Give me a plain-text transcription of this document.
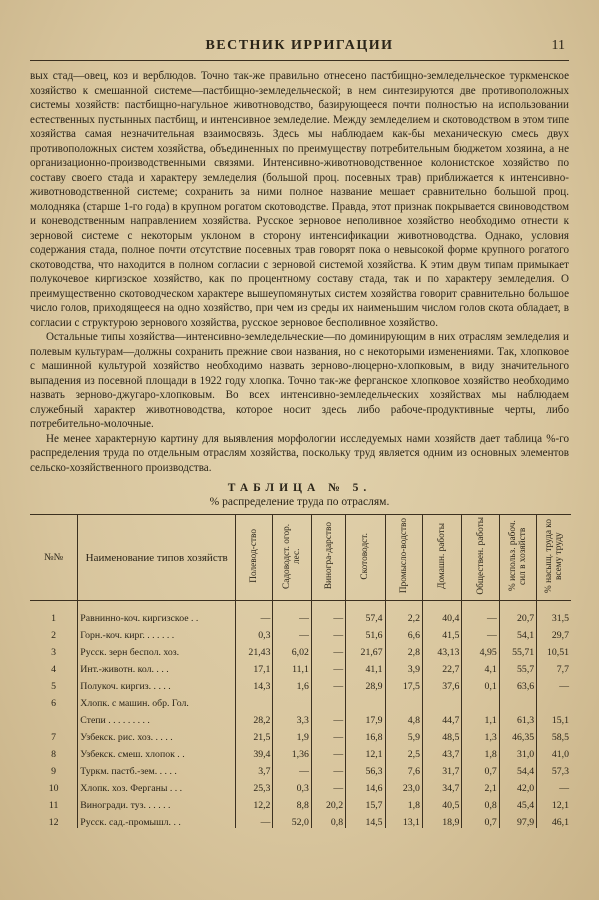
ВЕСТНИК ИРРИГАЦИИ	11

вых стад—овец, коз и верблюдов. Точно так-же правильно отнесено пастбищно-земледельческое туркменское хозяйство к смешанной системе—пастбищно-земледельческой; в нем синтезируются две противоположных системы хозяйств: пастбищно-нагульное животноводство, базирующееся почти полностью на использовании естественных пустынных пастбищ, и интенсивное земледелие. Между земледелием и скотоводством в этом типе хозяйства самая незначительная взаимосвязь. Здесь мы наблюдаем как-бы механическую смесь двух противоположных систем хозяйства, объединенных по преимуществу потребительным бюджетом хозяина, а не организационно-производственными связями. Интенсивно-животноводственное колонистское хозяйство по составу своего стада и характеру земледелия (большой проц. посевных трав) приближается к интенсивно-животноводственной системе; сохранить за ними полное название мешает сравнительно большой проц. молодняка (старше 1-го года) в крупном рогатом скотоводстве. Правда, этот признак покрывается свиноводством и коневодственным направлением хозяйства. Русское зерновое неполивное хозяйство необходимо отнести к зерновой системе с некоторым уклоном в сторону интенсификации животноводства. Однако, условия содержания стада, полное почти отсутствие посевных трав говорят пока о невысокой форме крупного рогатого скотоводства, что находится в полном согласии с зерновой системой хозяйства. К этим двум типам примыкает полукочевое киргизское хозяйство, как по процентному составу стада, так и по характеру земледелия. О преимущественно скотоводческом характере вышеупомянутых систем хозяйства говорит сравнительно большое число голов, приходящееся на одно хозяйство, при чем из среды их наименьшим числом голов скота обладает, в согласии с структурою зернового хозяйства, русское зерновое бесполивное хозяйство.

Остальные типы хозяйства—интенсивно-земледельческие—по доминирующим в них отраслям земледелия и полевым культурам—должны сохранить прежние свои названия, но с некоторыми изменениями. Так, хлопковое с машинной культурой хозяйство необходимо назвать зерново-люцерно-хлопковым, в виду значительного выпадения из посевной площади в 1922 году хлопка. Точно так-же ферганское хлопковое хозяйство необходимо назвать зерново-джугаро-хлопковым. Во всех интенсивно-земледельческих хозяйствах мы наблюдаем служебный характер животноводства, которое носит здесь либо рабоче-продуктивные черты, либо потребительно-молочные.

Не менее характерную картину для выявления морфологии исследуемых нами хозяйств дает таблица %-го распределения труда по отдельным отраслям хозяйства, поскольку труд является одним из основных элементов сельско-хозяйственного производства.

ТАБЛИЦА № 5.
% распределение труда по отраслям.
№№	Наименование типов хозяйств	Полевод-ство	Садоводст. огор. лес.	Виногра-дарство	Скотоводст.	Промысло-водство	Домашн. работы	Обществен. работы	% использ. рабоч. сил в хозяйств	% насыщ. труда ко всему труду
1	Равнинно-коч. киргизское . .	—	—	—	57,4	2,2	40,4	—	20,7	31,5
2	Горн.-коч. кирг. . . . . . .	0,3	—	—	51,6	6,6	41,5	—	54,1	29,7
3	Русск. зерн беспол. хоз.	21,43	6,02	—	21,67	2,8	43,13	4,95	55,71	10,51
4	Инт.-животн. кол. . . .	17,1	11,1	—	41,1	3,9	22,7	4,1	55,7	7,7
5	Полукоч. киргиз. . . . .	14,3	1,6	—	28,9	17,5	37,6	0,1	63,6	—
6	Хлопк. с машин. обр. Гол.									
	Степи . . . . . . . . .	28,2	3,3	—	17,9	4,8	44,7	1,1	61,3	15,1
7	Узбекск. рис. хоз. . . . .	21,5	1,9	—	16,8	5,9	48,5	1,3	46,35	58,5
8	Узбекск. смеш. хлопок . .	39,4	1,36	—	12,1	2,5	43,7	1,8	31,0	41,0
9	Туркм. пастб.-зем. . . . .	3,7	—	—	56,3	7,6	31,7	0,7	54,4	57,3
10	Хлопк. хоз. Ферганы . . .	25,3	0,3	—	14,6	23,0	34,7	2,1	42,0	—
11	Виногради. туз. . . . . .	12,2	8,8	20,2	15,7	1,8	40,5	0,8	45,4	12,1
12	Русск. сад.-промышл. . .	—	52,0	0,8	14,5	13,1	18,9	0,7	97,9	46,1
